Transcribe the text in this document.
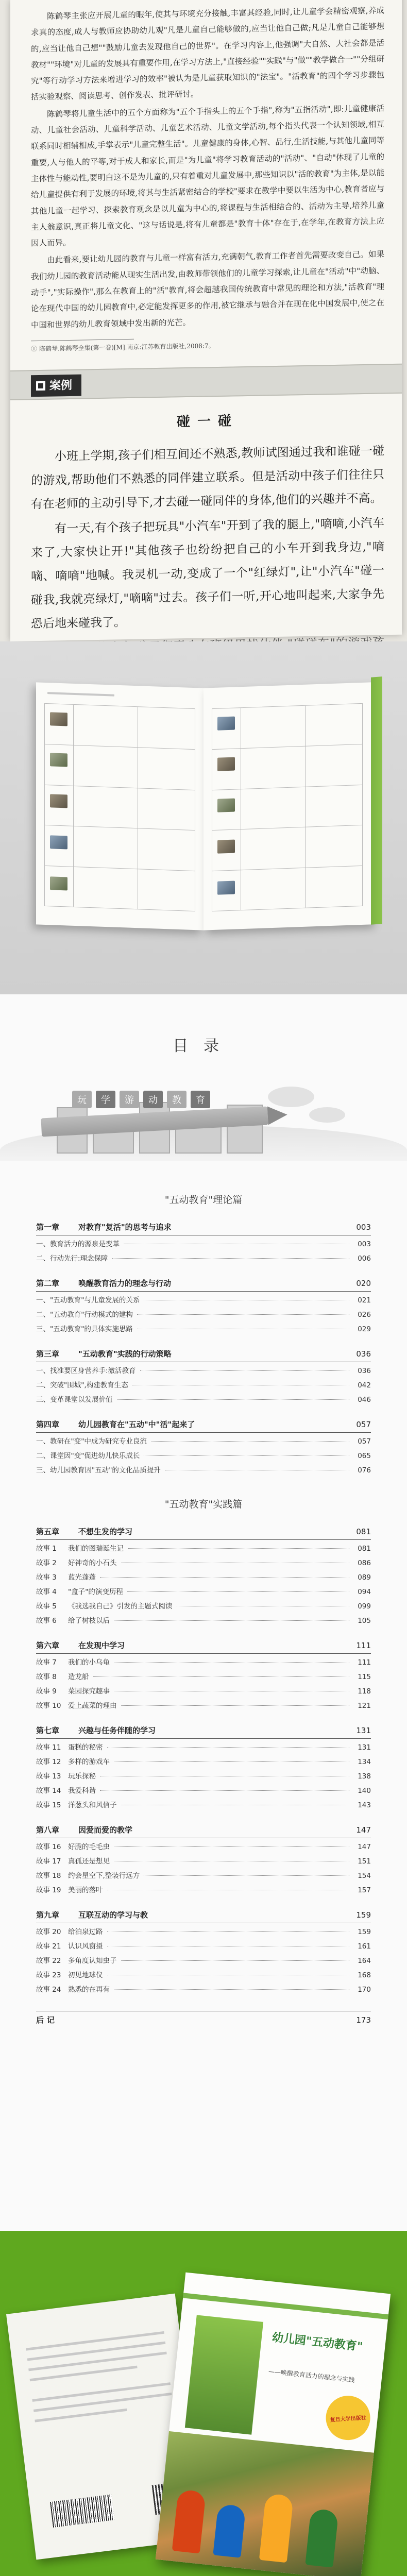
陈鹤琴主张应开展儿童的暇年,使其与环境充分接触,丰富其经验,同时,让儿童学会精密观察,养成求真的态度,成人与教师应协助幼儿观"凡是儿童自己能够做的,应当让他自己做;凡是儿童自己能够想的,应当让他自己想""鼓励儿童去发现他自己的世界"。在学习内容上,他强调"大自然、大社会都是活教材""环境"对儿童的发展具有重要作用,在学习方法上,"直接经验""实践"与"做""教学做合一""分组研究"等行动学习方法来增进学习的效率"被认为是儿童获取知识的"法宝"。"活教育"的四个学习步骤包括实验观察、阅读思考、创作发表、批评研讨。

陈鹤琴将儿童生活中的五个方面称为"五个手指头上的五个手指",称为"五指活动",即:儿童健康活动、儿童社会活动、儿童科学活动、儿童艺术活动、儿童文学活动,每个指头代表一个认知领域,相互联系同时相辅相成,手掌表示"儿童完整生活"。儿童健康的身体,心智、品行,生活技能,与其他儿童同等重要,人与他人的平等,对于成人和家长,而是"为儿童"将学习教育活动的"活动"、"自动"体现了儿童的主体性与能动性,要明白这不是为儿童的,只有着重对儿童发展中,那些知识以"活的教育"为主体,是以能给儿童提供有利于发展的环境,将其与生活紧密结合的学校"要求在教学中要以生活为中心,教育者应与其他儿童一起学习、探索教育观念是以儿童为中心的,将课程与生活相结合的、活动为主导,培养儿童主人翁意识,真正将儿童文化、"这与话说是,将有儿童都是"教育十体"存在于,在学年,在教育方法上应因人而异。

由此看来,要让幼儿园的教育与儿童一样富有活力,充满朝气,教育工作者首先需要改变自己。如果我们幼儿园的教育活动能从现实生活出发,由教师带领他们的儿童学习探索,让儿童在"活动"中"动脑、动手","实际操作",那么在教育上的"活"教育,将会超越我国传统教育中常见的理论和方法,"活教育"理论在现代中国的幼儿园教育中,必定能发挥更多的作用,被它继承与融合并在现在化中国发展中,使之在中国和世界的幼儿教育领域中发出新的光芒。

① 陈鹤琴.陈鹤琴全集(第一卷)[M].南京:江苏教育出版社,2008:7。
案例
碰一碰

小班上学期,孩子们相互间还不熟悉,教师试图通过我和谁碰一碰的游戏,帮助他们不熟悉的同伴建立联系。但是活动中孩子们往往只有在老师的主动引导下,才去碰一碰同伴的身体,他们的兴趣并不高。

有一天,有个孩子把玩具"小汽车"开到了我的腿上,"嘀嘀,小汽车来了,大家快让开!"其他孩子也纷纷把自己的小车开到我身边,"嘀嘀、嘀嘀"地喊。我灵机一动,变成了一个"红绿灯",让"小汽车"碰一碰我,我就亮绿灯,"嘀嘀"过去。孩子们一听,开心地叫起来,大家争先恐后地来碰我了。

目录
玩	学	游	动	教	育
"五动教育"理论篇
第一章	对教育"复活"的思考与追求	003
一、教育活力的源泉是变革	003
二、行动先行:理念保障	006
第二章	唤醒教育活力的理念与行动	020
一、"五动教育"与儿童发展的关系	021
二、"五动教育"行动模式的建构	026
三、"五动教育"的具体实施思路	029
第三章	"五动教育"实践的行动策略	036
一、找准要区身营养手:激活教育	036
二、突破"围城",构建教育生态	042
三、变革课堂以发展价值	046
第四章	幼儿园教育在"五动"中"活"起来了	057
一、教研在"变"中成为研究专业良流	057
二、课堂因"变"促进幼儿快乐成长	065
三、幼儿园教育因"五动"的文化品质提升	076
"五动教育"实践篇
第五章	不想生发的学习	081
故事 1	我们的图瑞诞生记	081
故事 2	好神奇的小石头	086
故事 3	蓝光蓬蓬	089
故事 4	"盒子"的演变历程	094
故事 5	《我选我自己》引发的主题式阅读	099
故事 6	给了树枝以后	105
第六章	在发现中学习	111
故事 7	我们的小乌龟	111
故事 8	造龙船	115
故事 9	菜园探究趣事	118
故事 10	爱上蔬菜的理由	121
第七章	兴趣与任务伴随的学习	131
故事 11	蛋糕的秘密	131
故事 12	多样的游戏车	134
故事 13	玩乐探秘	138
故事 14	我爱科谐	140
故事 15	洋葱头和风信子	143
第八章	因爱而爱的教学	147
故事 16	好脆的毛毛虫	147
故事 17	真孤还是想见	151
故事 18	约会星空下,整装行远方	154
故事 19	美丽的落叶	157
第九章	互联互动的学习与教	159
故事 20	给泊泉过路	159
故事 21	认识风窗摄	161
故事 22	多角度认知虫子	164
故事 23	初见地球仪	168
故事 24	熟悉的在再有	170
后记	173
幼儿园"五动教育"
——唤醒教育活力的理念与实践
复旦大学出版社
